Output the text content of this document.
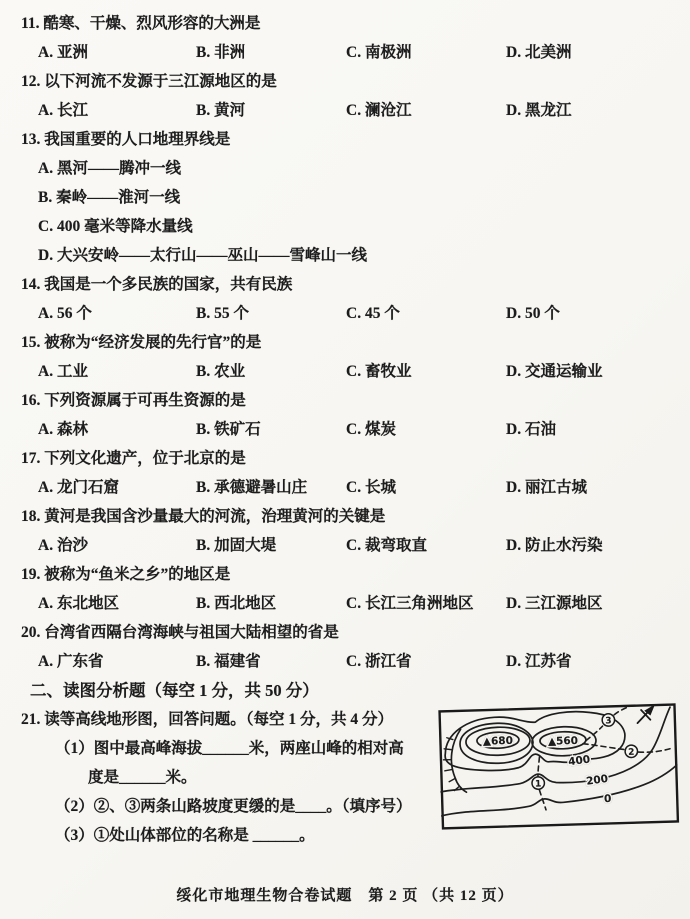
11. 酷寒、干燥、烈风形容的大洲是
A. 亚洲	B. 非洲	C. 南极洲	D. 北美洲
12. 以下河流不发源于三江源地区的是
A. 长江	B. 黄河	C. 澜沧江	D. 黑龙江
13. 我国重要的人口地理界线是
A. 黑河——腾冲一线
B. 秦岭——淮河一线
C. 400 毫米等降水量线
D. 大兴安岭——太行山——巫山——雪峰山一线
14. 我国是一个多民族的国家，共有民族
A. 56 个	B. 55 个	C. 45 个	D. 50 个
15. 被称为“经济发展的先行官”的是
A. 工业	B. 农业	C. 畜牧业	D. 交通运输业
16. 下列资源属于可再生资源的是
A. 森林	B. 铁矿石	C. 煤炭	D. 石油
17. 下列文化遗产，位于北京的是
A. 龙门石窟	B. 承德避暑山庄	C. 长城	D. 丽江古城
18. 黄河是我国含沙量最大的河流，治理黄河的关键是
A. 治沙	B. 加固大堤	C. 裁弯取直	D. 防止水污染
19. 被称为“鱼米之乡”的地区是
A. 东北地区	B. 西北地区	C. 长江三角洲地区	D. 三江源地区
20. 台湾省西隔台湾海峡与祖国大陆相望的省是
A. 广东省	B. 福建省	C. 浙江省	D. 江苏省
二、读图分析题（每空 1 分，共 50 分）
21. 读等高线地形图，回答问题。（每空 1 分，共 4 分）
（1）图中最高峰海拔______米，两座山峰的相对高
度是______米。
（2）②、③两条山路坡度更缓的是____。（填序号）
（3）①处山体部位的名称是 ______。
1
2
3
▲680	▲560
400
200
0
绥化市地理生物合卷试题　第 2 页 （共 12 页）
